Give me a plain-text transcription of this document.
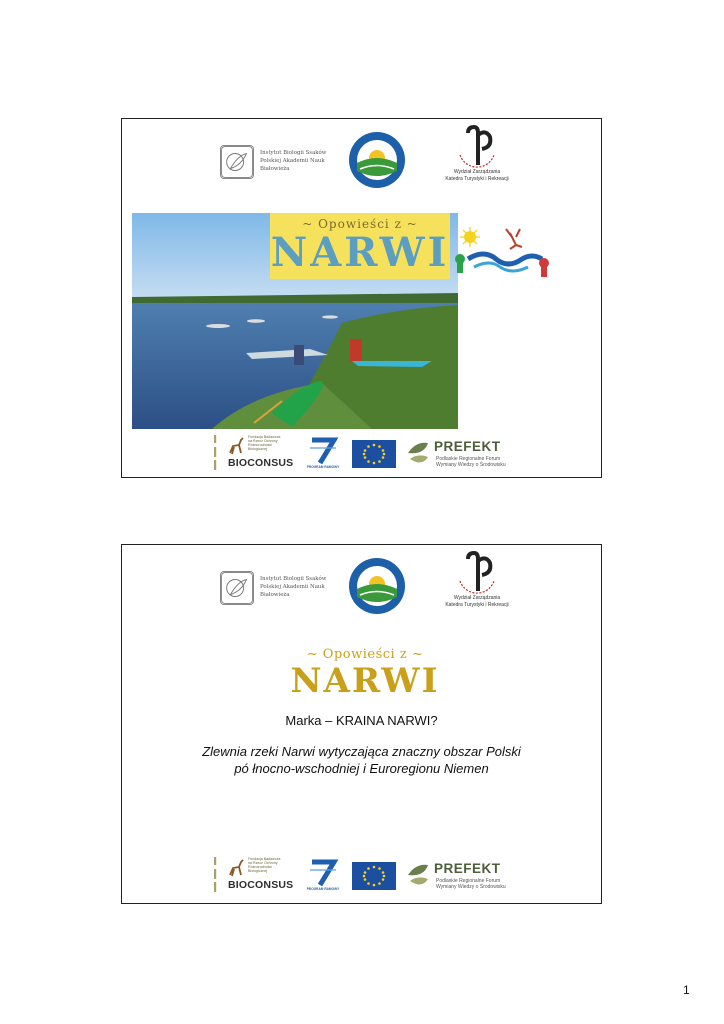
Instytut Biologii Ssaków
Polskiej Akademii Nauk
Białowieża	Wydział Zarządzania
Katedra Turystyki i Rekreacji
~ Opowieści z ~
NARWI
Fundacja Badawcza
na Rzecz Ochrony
Różnorodności
Biologicznej
BIOCONSUS	PROGRAM RAMOWY
PREFEKT
Podlaskie Regionalne Forum
Wymiany Wiedzy o Środowisku
Instytut Biologii Ssaków
Polskiej Akademii Nauk
Białowieża	Wydział Zarządzania
Katedra Turystyki i Rekreacji
~ Opowieści z ~
NARWI
Marka – KRAINA NARWI?
Zlewnia rzeki Narwi wytyczająca znaczny obszar Polski
pó łnocno-wschodniej i Euroregionu Niemen
Fundacja Badawcza
na Rzecz Ochrony
Różnorodności
Biologicznej
BIOCONSUS	PROGRAM RAMOWY
PREFEKT
Podlaskie Regionalne Forum
Wymiany Wiedzy o Środowisku
1
